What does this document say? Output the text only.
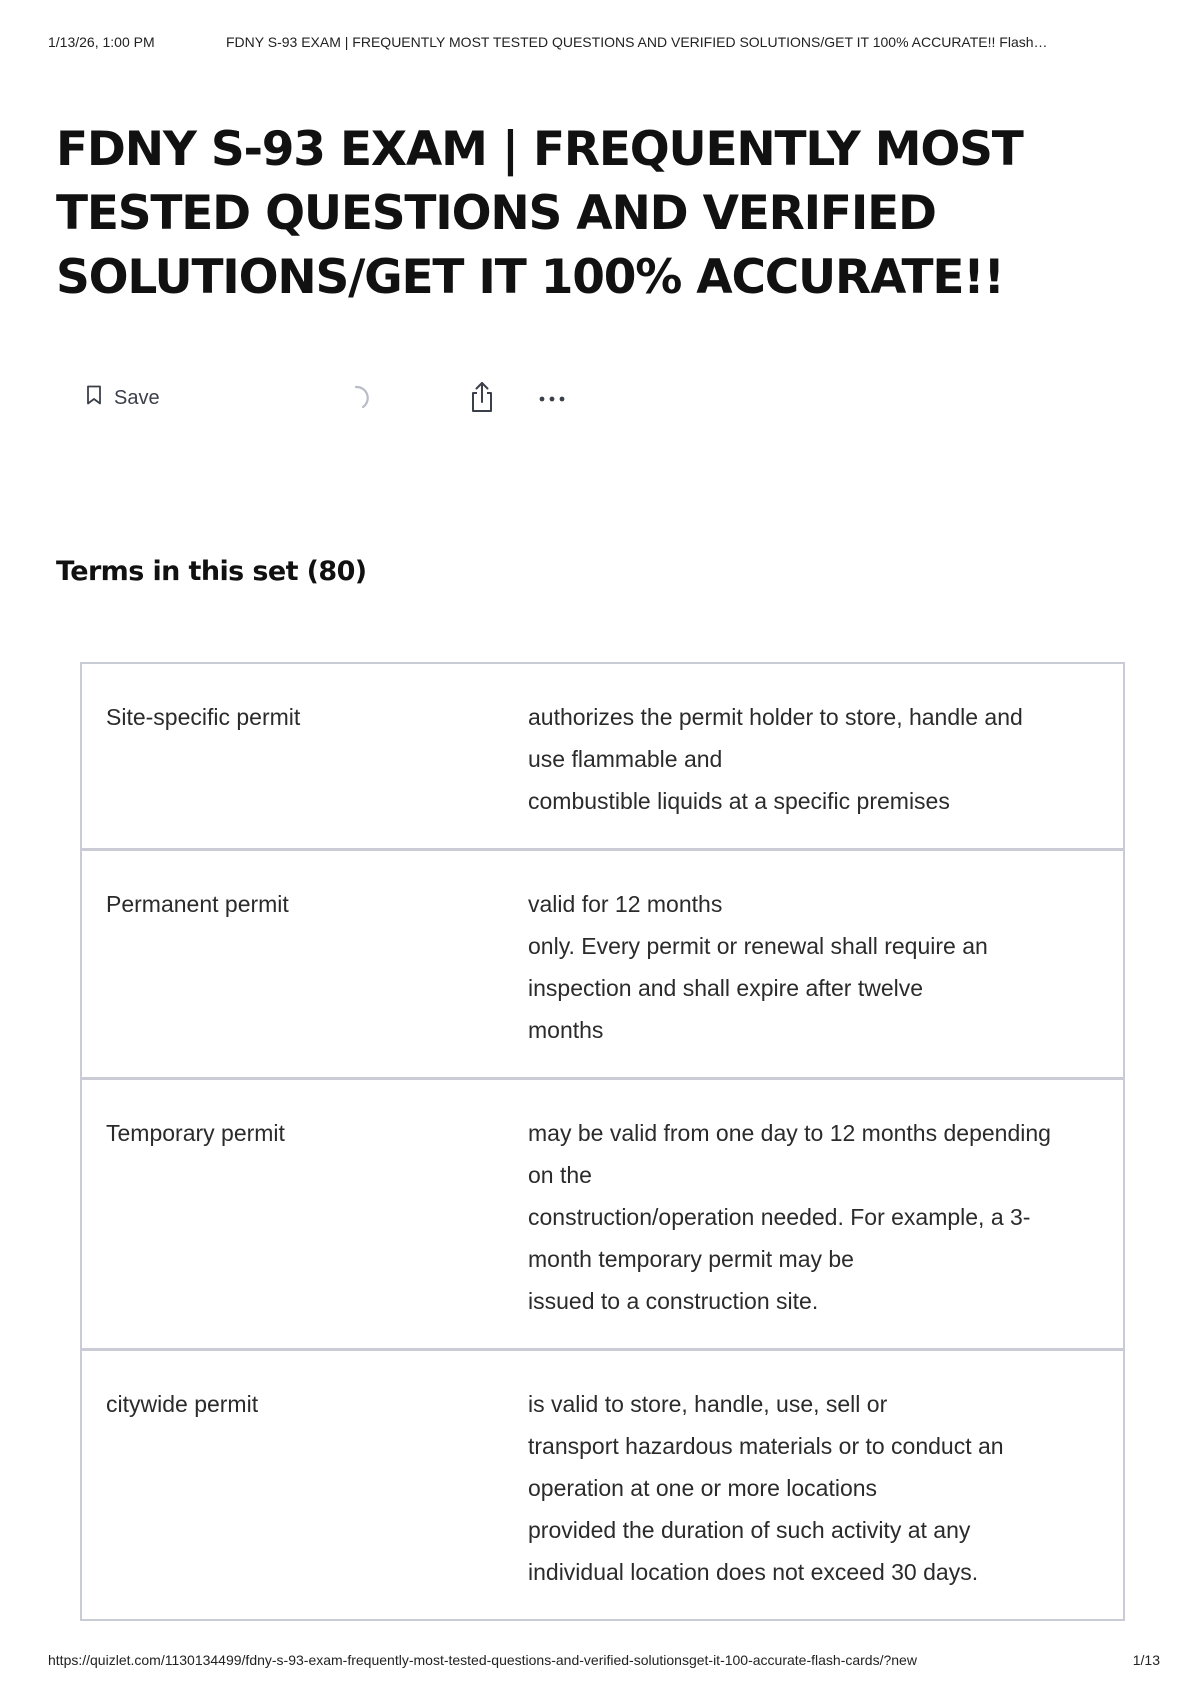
1/13/26, 1:00 PM	FDNY S-93 EXAM | FREQUENTLY MOST TESTED QUESTIONS AND VERIFIED SOLUTIONS/GET IT 100% ACCURATE!! Flash…
FDNY S-93 EXAM | FREQUENTLY MOST TESTED QUESTIONS AND VERIFIED SOLUTIONS/GET IT 100% ACCURATE!!
Save
Terms in this set (80)
Site-specific permit	authorizes the permit holder to store, handle and
use flammable and
combustible liquids at a specific premises
Permanent permit	valid for 12 months
only. Every permit or renewal shall require an
inspection and shall expire after twelve
months
Temporary permit	may be valid from one day to 12 months depending
on the
construction/operation needed. For example, a 3-
month temporary permit may be
issued to a construction site.
citywide permit	is valid to store, handle, use, sell or
transport hazardous materials or to conduct an
operation at one or more locations
provided the duration of such activity at any
individual location does not exceed 30 days.
https://quizlet.com/1130134499/fdny-s-93-exam-frequently-most-tested-questions-and-verified-solutionsget-it-100-accurate-flash-cards/?new	1/13
